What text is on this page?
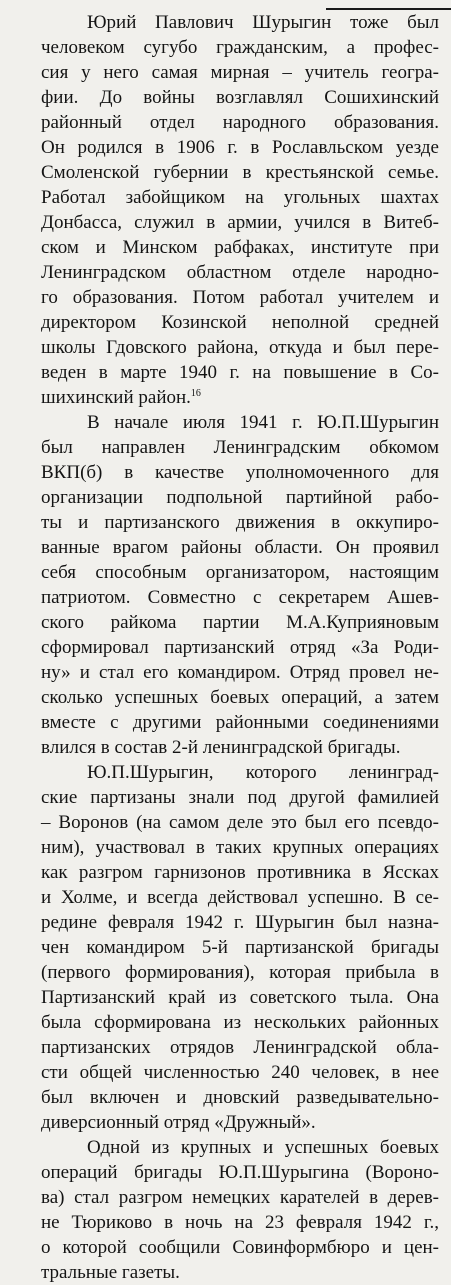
Юрий Павлович Шурыгин тоже был
человеком сугубо гражданским, а профес-
сия у него самая мирная – учитель геогра-
фии. До войны возглавлял Сошихинский
районный отдел народного образования.
Он родился в 1906 г. в Рославльском уезде
Смоленской губернии в крестьянской семье.
Работал забойщиком на угольных шахтах
Донбасса, служил в армии, учился в Витеб-
ском и Минском рабфаках, институте при
Ленинградском областном отделе народно-
го образования. Потом работал учителем и
директором Козинской неполной средней
школы Гдовского района, откуда и был пере-
веден в марте 1940 г. на повышение в Со-
шихинский район.$^{16}$
В начале июля 1941 г. Ю.П.Шурыгин
был направлен Ленинградским обкомом
ВКП(б) в качестве уполномоченного для
организации подпольной партийной рабо-
ты и партизанского движения в оккупиро-
ванные врагом районы области. Он проявил
себя способным организатором, настоящим
патриотом. Совместно с секретарем Ашев-
ского райкома партии М.А.Куприяновым
сформировал партизанский отряд «За Роди-
ну» и стал его командиром. Отряд провел не-
сколько успешных боевых операций, а затем
вместе с другими районными соединениями
влился в состав 2-й ленинградской бригады.
Ю.П.Шурыгин, которого ленинград-
ские партизаны знали под другой фамилией
– Воронов (на самом деле это был его псевдо-
ним), участвовал в таких крупных операциях
как разгром гарнизонов противника в Яссках
и Холме, и всегда действовал успешно. В се-
редине февраля 1942 г. Шурыгин был назна-
чен командиром 5-й партизанской бригады
(первого формирования), которая прибыла в
Партизанский край из советского тыла. Она
была сформирована из нескольких районных
партизанских отрядов Ленинградской обла-
сти общей численностью 240 человек, в нее
был включен и дновский разведывательно-
диверсионный отряд «Дружный».
Одной из крупных и успешных боевых
операций бригады Ю.П.Шурыгина (Воронo-
ва) стал разгром немецких карателей в дерев-
не Тюриково в ночь на 23 февраля 1942 г.,
о которой сообщили Совинформбюро и цен-
тральные газеты.
